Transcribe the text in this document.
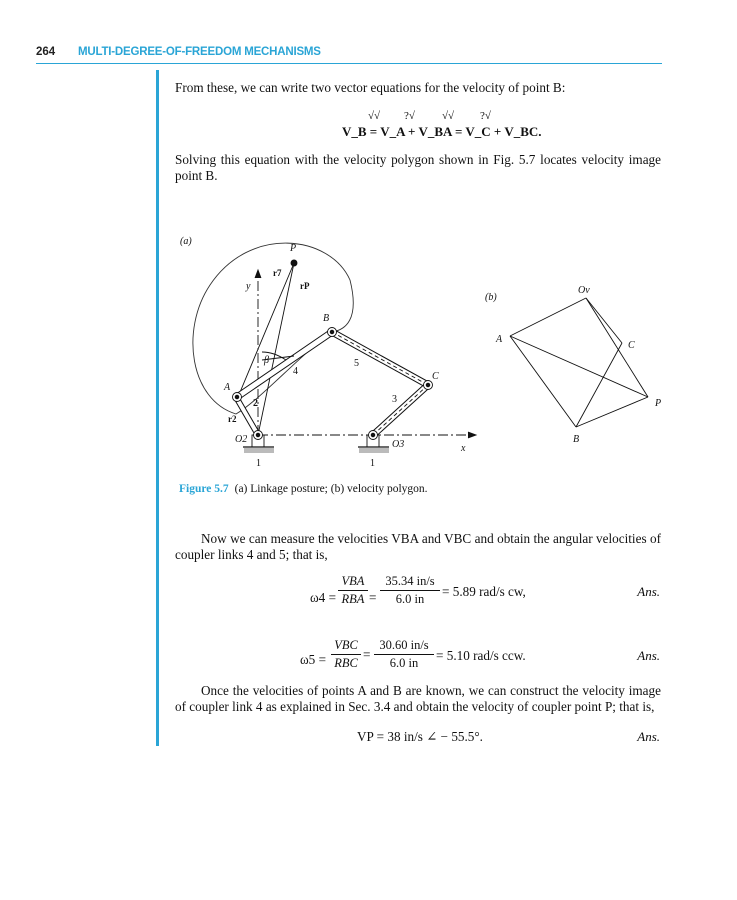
264 MULTI-DEGREE-OF-FREEDOM MECHANISMS
From these, we can write two vector equations for the velocity of point B:
√√ ?√ √√ ?√
V_B = V_A + V_BA = V_C + V_BC.
Solving this equation with the velocity polygon shown in Fig. 5.7 locates velocity image point B.
(a)
P
r7
rP
y
B
β
4
5
A
2
r2
C
3
O2	O3	x
1	1
(b)
Ov
A
C
P
B
Figure 5.7 (a) Linkage posture; (b) velocity polygon.
Now we can measure the velocities VBA and VBC and obtain the angular velocities of coupler links 4 and 5; that is,
ω4 =
VBA
RBA = $\frac{35.34 in/s}{6.0 in} = 5.89$ rad/s cw,	Ans.
ω5 =
VBC
RBC
= $\frac{30.60 in/s}{6.0 in} = 5.10$ rad/s ccw.	Ans.
Once the velocities of points A and B are known, we can construct the velocity image of coupler link 4 as explained in Sec. 3.4 and obtain the velocity of coupler point P; that is,
VP = 38 in/s ∠ − 55.5°.	Ans.
